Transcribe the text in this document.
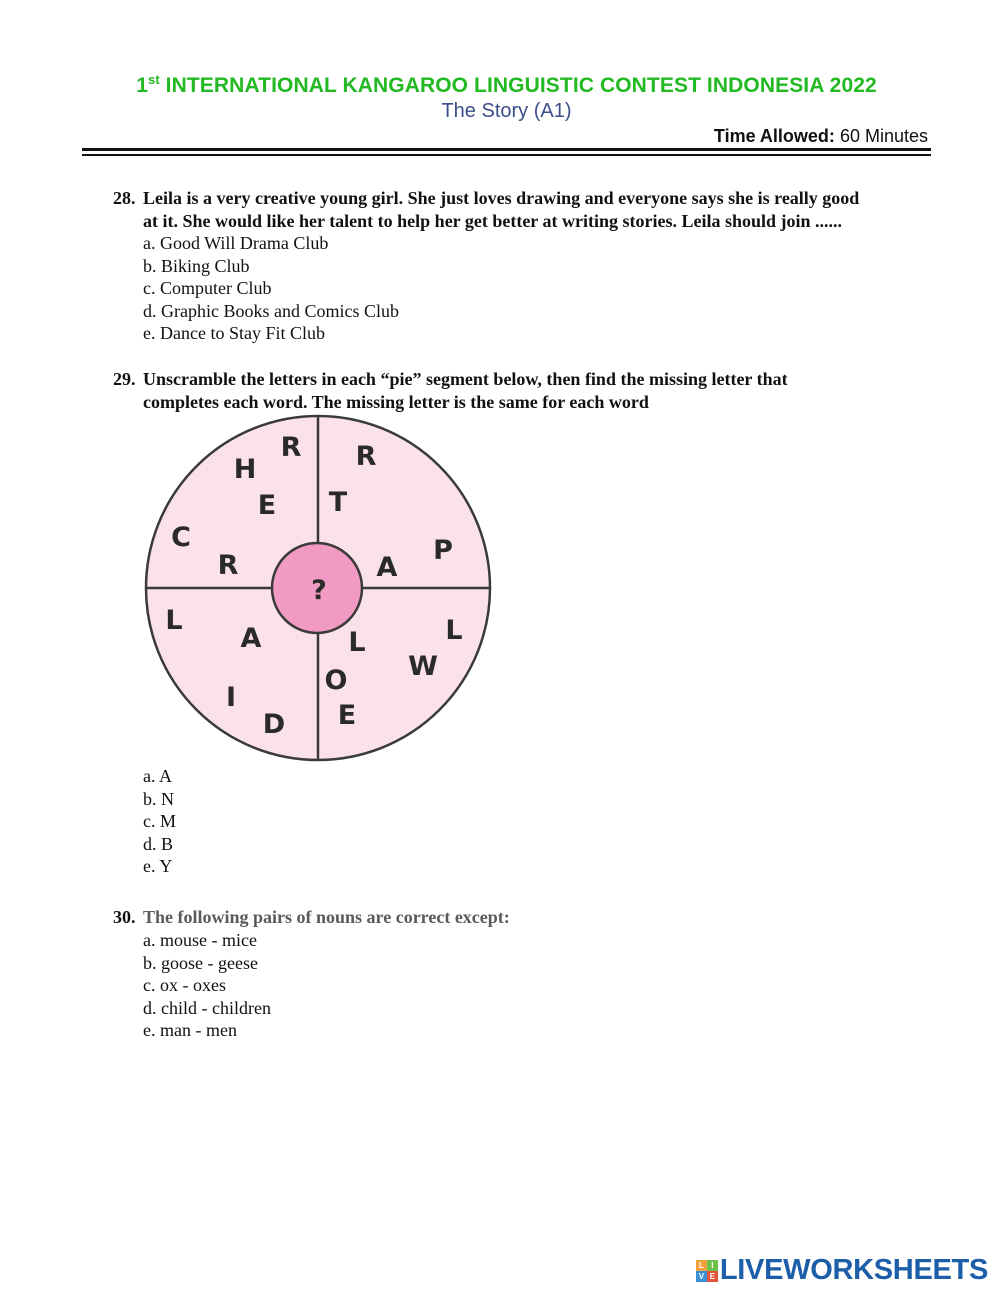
1st INTERNATIONAL KANGAROO LINGUISTIC CONTEST INDONESIA 2022
The Story (A1)
Time Allowed: 60 Minutes
28. Leila is a very creative young girl. She just loves drawing and everyone says she is really good
at it. She would like her talent to help her get better at writing stories. Leila should join ......
a. Good Will Drama Club
b. Biking Club
c. Computer Club
d. Graphic Books and Comics Club
e. Dance to Stay Fit Club
29. Unscramble the letters in each “pie” segment below, then find the missing letter that
completes each word. The missing letter is the same for each word
?
R
H
E
C
R
R
T
P
A
L
A
I
D
L
L
W
O
E
a. A
b. N
c. M
d. B
e. Y
30. The following pairs of nouns are correct except:
a. mouse - mice
b. goose - geese
c. ox - oxes
d. child - children
e. man - men
L I
V E LIVEWORKSHEETS
